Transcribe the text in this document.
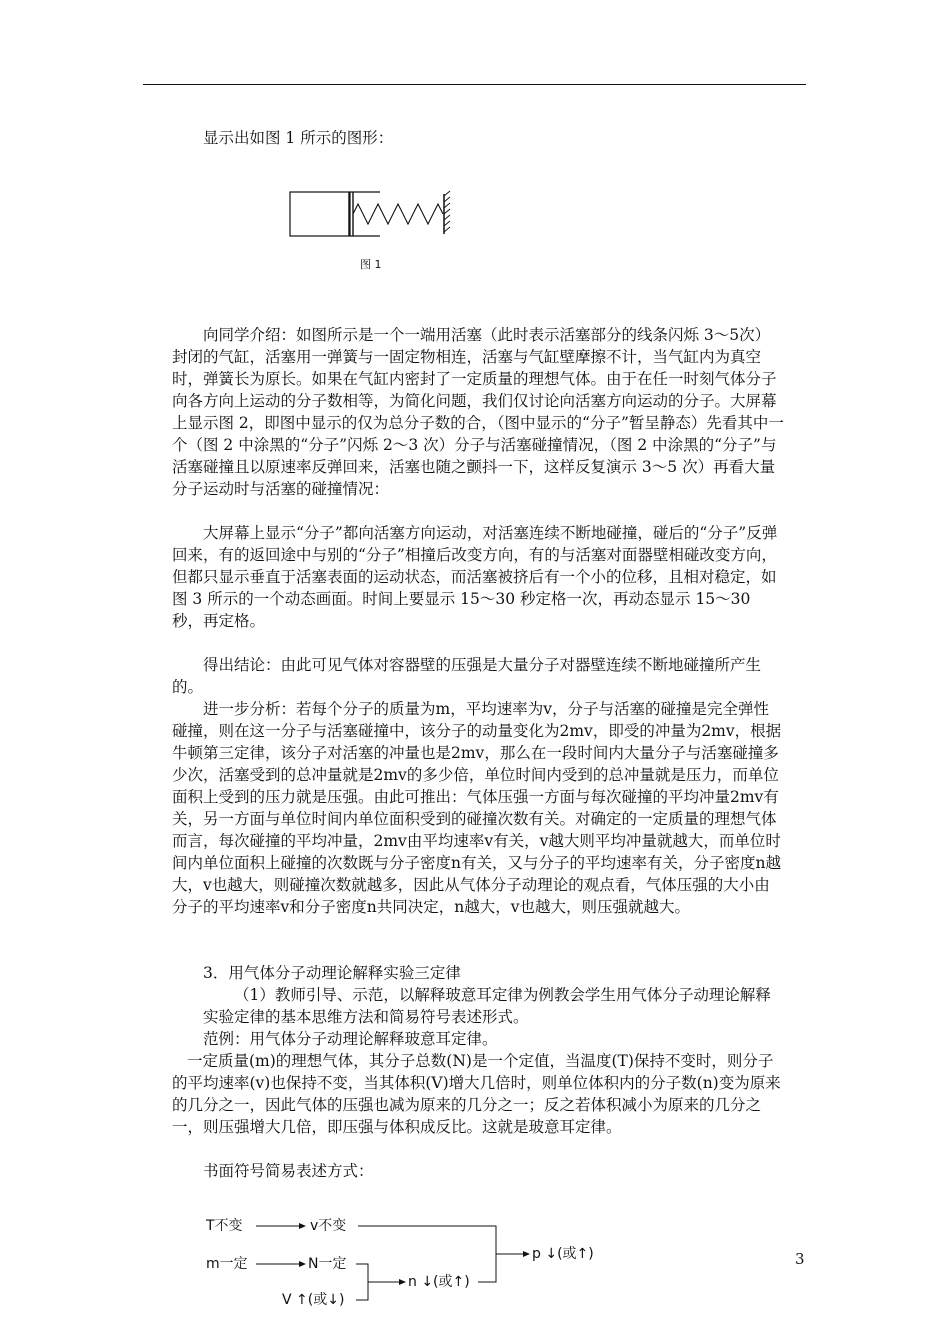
显示出如图 1 所示的图形：

图 1

向同学介绍：如图所示是一个一端用活塞（此时表示活塞部分的线条闪烁 3～5次）封闭的气缸，活塞用一弹簧与一固定物相连，活塞与气缸壁摩擦不计，当气缸内为真空时，弹簧长为原长。如果在气缸内密封了一定质量的理想气体。由于在任一时刻气体分子向各方向上运动的分子数相等，为简化问题，我们仅讨论向活塞方向运动的分子。大屏幕上显示图 2，即图中显示的仅为总分子数的合，（图中显示的“分子”暂呈静态）先看其中一个（图 2 中涂黑的“分子”闪烁 2～3 次）分子与活塞碰撞情况，（图 2 中涂黑的“分子”与活塞碰撞且以原速率反弹回来，活塞也随之颤抖一下，这样反复演示 3～5 次）再看大量分子运动时与活塞的碰撞情况：

大屏幕上显示“分子”都向活塞方向运动，对活塞连续不断地碰撞，碰后的“分子”反弹回来，有的返回途中与别的“分子”相撞后改变方向，有的与活塞对面器壁相碰改变方向，但都只显示垂直于活塞表面的运动状态，而活塞被挤后有一个小的位移，且相对稳定，如图 3 所示的一个动态画面。时间上要显示 15～30 秒定格一次，再动态显示 15～30 秒，再定格。

得出结论：由此可见气体对容器壁的压强是大量分子对器壁连续不断地碰撞所产生的。

进一步分析：若每个分子的质量为m，平均速率为v，分子与活塞的碰撞是完全弹性碰撞，则在这一分子与活塞碰撞中，该分子的动量变化为2mv，即受的冲量为2mv，根据牛顿第三定律，该分子对活塞的冲量也是2mv，那么在一段时间内大量分子与活塞碰撞多少次，活塞受到的总冲量就是2mv的多少倍，单位时间内受到的总冲量就是压力，而单位面积上受到的压力就是压强。由此可推出：气体压强一方面与每次碰撞的平均冲量2mv有关，另一方面与单位时间内单位面积受到的碰撞次数有关。对确定的一定质量的理想气体而言，每次碰撞的平均冲量，2mv由平均速率v有关，v越大则平均冲量就越大，而单位时间内单位面积上碰撞的次数既与分子密度n有关，又与分子的平均速率有关，分子密度n越大，v也越大，则碰撞次数就越多，因此从气体分子动理论的观点看，气体压强的大小由分子的平均速率v和分子密度n共同决定，n越大，v也越大，则压强就越大。

3．用气体分子动理论解释实验三定律

（1）教师引导、示范，以解释玻意耳定律为例教会学生用气体分子动理论解释实验定律的基本思维方法和简易符号表述形式。

范例：用气体分子动理论解释玻意耳定律。

一定质量(m)的理想气体，其分子总数(N)是一个定值，当温度(T)保持不变时，则分子的平均速率(v)也保持不变，当其体积(V)增大几倍时，则单位体积内的分子数(n)变为原来的几分之一，因此气体的压强也减为原来的几分之一；反之若体积减小为原来的几分之一，则压强增大几倍，即压强与体积成反比。这就是玻意耳定律。

书面符号简易表述方式：

T不变	v不变
m一定	N一定
V ↑(或↓)
n ↓(或↑)
p ↓(或↑)	3
